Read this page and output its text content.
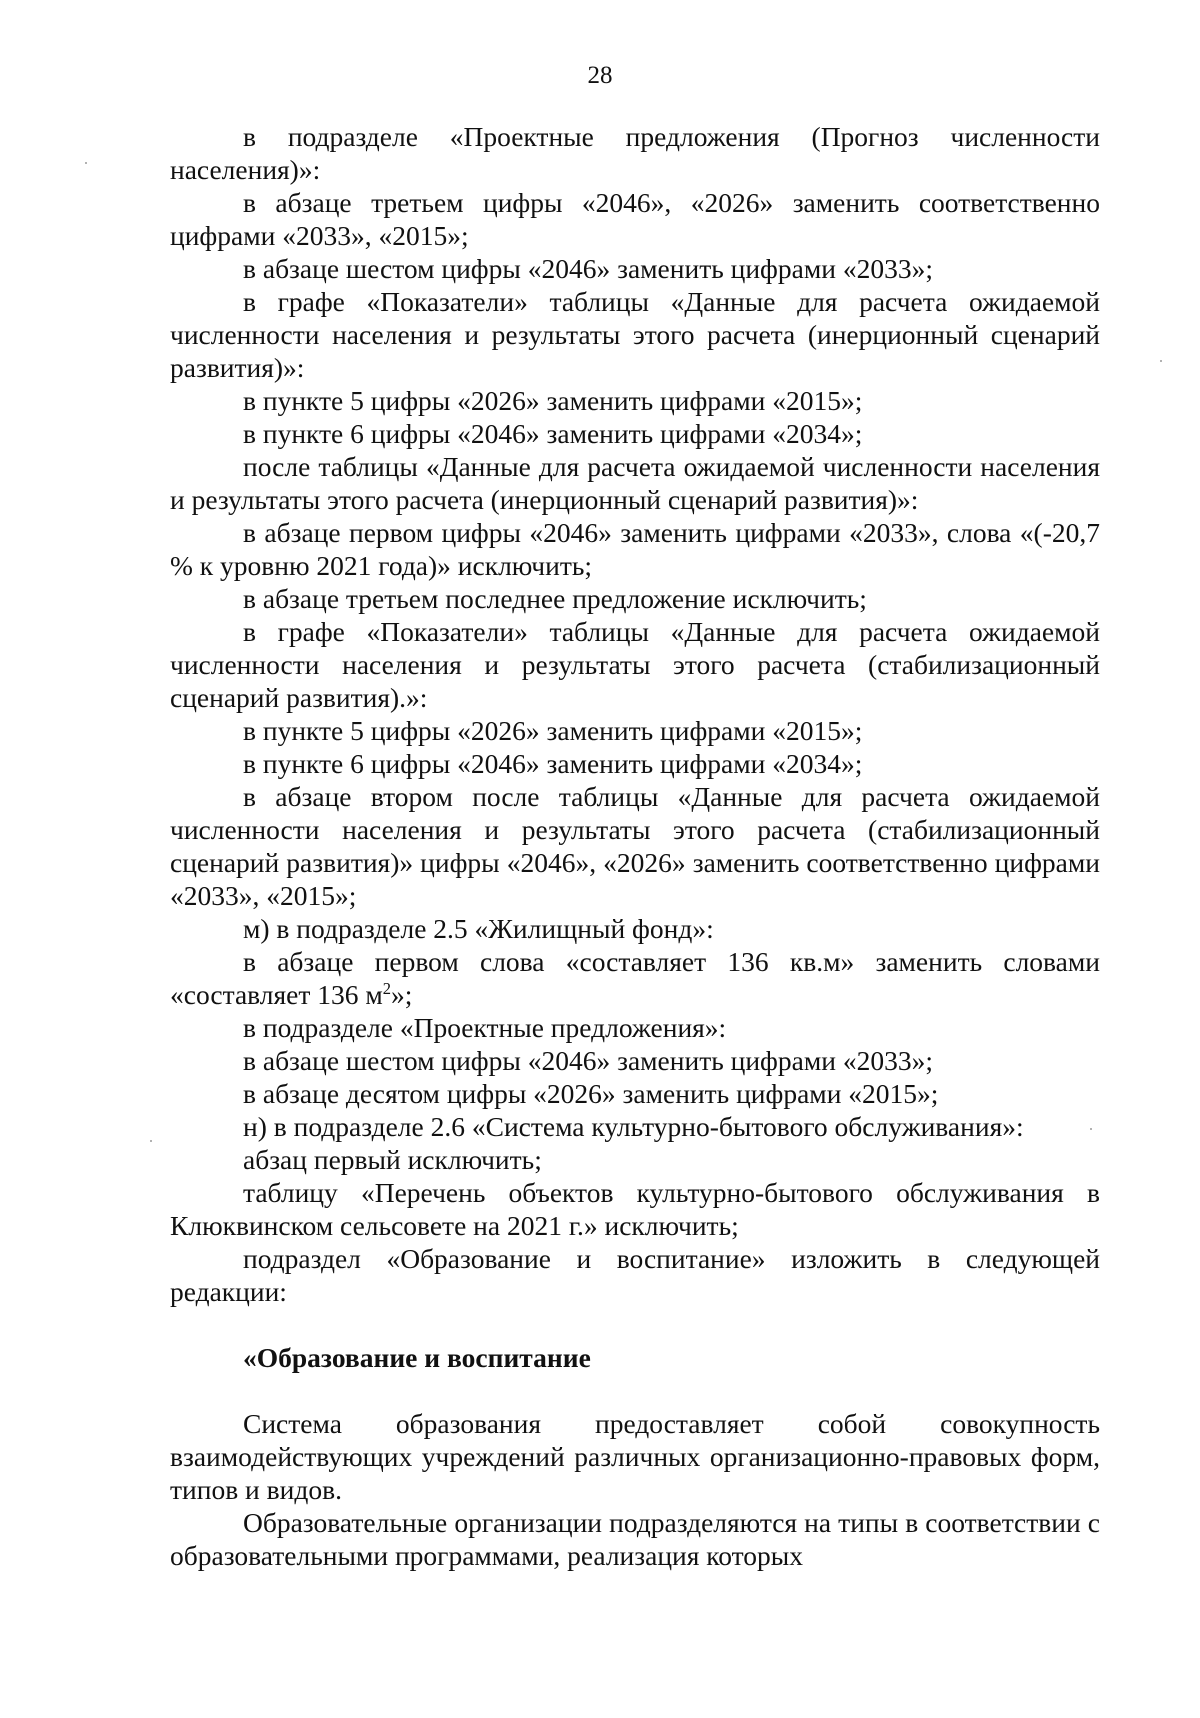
28

в подразделе «Проектные предложения (Прогноз численности населения)»:

в абзаце третьем цифры «2046», «2026» заменить соответственно цифрами «2033», «2015»;

в абзаце шестом цифры «2046» заменить цифрами «2033»;

в графе «Показатели» таблицы «Данные для расчета ожидаемой численности населения и результаты этого расчета (инерционный сценарий развития)»:

в пункте 5 цифры «2026» заменить цифрами «2015»;

в пункте 6 цифры «2046» заменить цифрами «2034»;

после таблицы «Данные для расчета ожидаемой численности населения и результаты этого расчета (инерционный сценарий развития)»:

в абзаце первом цифры «2046» заменить цифрами «2033», слова «(-20,7 % к уровню 2021 года)» исключить;

в абзаце третьем последнее предложение исключить;

в графе «Показатели» таблицы «Данные для расчета ожидаемой численности населения и результаты этого расчета (стабилизационный сценарий развития).»:

в пункте 5 цифры «2026» заменить цифрами «2015»;

в пункте 6 цифры «2046» заменить цифрами «2034»;

в абзаце втором после таблицы «Данные для расчета ожидаемой численности населения и результаты этого расчета (стабилизационный сценарий развития)» цифры «2046», «2026» заменить соответственно цифрами «2033», «2015»;

м) в подразделе 2.5 «Жилищный фонд»:

в абзаце первом слова «составляет 136 кв.м» заменить словами «составляет 136 $м^2$»;

в подразделе «Проектные предложения»:

в абзаце шестом цифры «2046» заменить цифрами «2033»;

в абзаце десятом цифры «2026» заменить цифрами «2015»;

н) в подразделе 2.6 «Система культурно-бытового обслуживания»:

абзац первый исключить;

таблицу «Перечень объектов культурно-бытового обслуживания в Клюквинском сельсовете на 2021 г.» исключить;

подраздел «Образование и воспитание» изложить в следующей редакции:

«Образование и воспитание

Система образования предоставляет собой совокупность взаимодействующих учреждений различных организационно-правовых форм, типов и видов.

Образовательные организации подразделяются на типы в соответствии с образовательными программами, реализация которых
